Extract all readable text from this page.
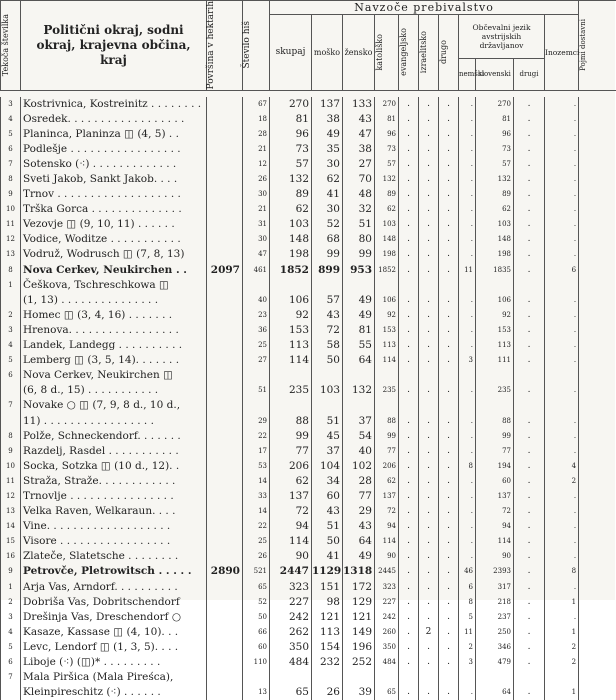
Tekoča številka	Politični okraj, sodni okraj, krajevna občina, kraj	Površina v hektarih	Število hiš	Navzoče prebivalstvo											Pojmi dostavni

				skupaj	moško	žensko	katoliško	evangeljsko	izraelitsko	drugo	Občevalni jezik avstrijskih državljanov			Inozemci	
											nemški	slovenski	drugi		

3	Kostrivnica, Kostreinitz . . . . . . . .		67	270	137	133	270	.	.	.	.	270	.	.	
4	Osredek. . . . . . . . . . . . . . . . . .		18	81	38	43	81	.	.	.	.	81	.	.	
5	Planinca, Planinza ◫ (4, 5) . .		28	96	49	47	96	.	.	.	.	96	.	.	
6	Podlešje . . . . . . . . . . . . . . . . .		21	73	35	38	73	.	.	.	.	73	.	.	
7	Sotensko (⁖) . . . . . . . . . . . . .		12	57	30	27	57	.	.	.	.	57	.	.	
8	Sveti Jakob, Sankt Jakob. . . .		26	132	62	70	132	.	.	.	.	132	.	.	
9	Trnov . . . . . . . . . . . . . . . . . . .		30	89	41	48	89	.	.	.	.	89	.	.	
10	Trška Gorca . . . . . . . . . . . . . .		21	62	30	32	62	.	.	.	.	62	.	.	
11	Vezovje ◫ (9, 10, 11) . . . . . .		31	103	52	51	103	.	.	.	.	103	.	.	
12	Vodice, Woditze . . . . . . . . . . .		30	148	68	80	148	.	.	.	.	148	.	.	
13	Vodruž, Wodrusch ◫ (7, 8, 13)		47	198	99	99	198	.	.	.	.	198	.	.	
8	Nova Cerkev, Neukirchen . .	2097	461	1852	899	953	1852	.	.	.	11	1835	.	6	
1	Češkova, Tschreschkowa ◫														
	(1, 13) . . . . . . . . . . . . . . .		40	106	57	49	106	.	.	.	.	106	.	.	
2	Homec ◫ (3, 4, 16) . . . . . . .		23	92	43	49	92	.	.	.	.	92	.	.	
3	Hrenova. . . . . . . . . . . . . . . . .		36	153	72	81	153	.	.	.	.	153	.	.	
4	Landek, Landegg . . . . . . . . . .		25	113	58	55	113	.	.	.	.	113	.	.	
5	Lemberg ◫ (3, 5, 14). . . . . . .		27	114	50	64	114	.	.	.	3	111	.	.	
6	Nova Cerkev, Neukirchen ◫														
	(6, 8 d., 15) . . . . . . . . . . .		51	235	103	132	235	.	.	.	.	235	.	.	
7	Novake ○ ◫ (7, 9, 8 d., 10 d.,														
	11) . . . . . . . . . . . . . . . . .		29	88	51	37	88	.	.	.	.	88	.	.	
8	Polže, Schneckendorf. . . . . . .		22	99	45	54	99	.	.	.	.	99	.	.	
9	Razdelj, Rasdel . . . . . . . . . . .		17	77	37	40	77	.	.	.	.	77	.	.	
10	Socka, Sotzka ◫ (10 d., 12). .		53	206	104	102	206	.	.	.	8	194	.	4	
11	Straža, Straže. . . . . . . . . . . .		14	62	34	28	62	.	.	.	.	60	.	2	
12	Trnovlje . . . . . . . . . . . . . . . .		33	137	60	77	137	.	.	.	.	137	.	.	
13	Velka Raven, Welkaraun. . . .		14	72	43	29	72	.	.	.	.	72	.	.	
14	Vine. . . . . . . . . . . . . . . . . . .		22	94	51	43	94	.	.	.	.	94	.	.	
15	Visore . . . . . . . . . . . . . . . . .		25	114	50	64	114	.	.	.	.	114	.	.	
16	Zlateče, Slatetsche . . . . . . . .		26	90	41	49	90	.	.	.	.	90	.	.	
9	Petrovče, Pletrowitsch . . . . .	2890	521	2447	1129	1318	2445	.	.	.	46	2393	.	8	
1	Arja Vas, Arndorf. . . . . . . . . .		65	323	151	172	323	.	.	.	6	317	.	.	
2	Dobriša Vas, Dobritschendorf		52	227	98	129	227	.	.	.	8	218	.	1	
3	Drešinja Vas, Dreschendorf ○		50	242	121	121	242	.	.	.	5	237	.	.	
4	Kasaze, Kassase ◫ (4, 10). . .		66	262	113	149	260	.	2	.	11	250	.	1	
5	Levc, Lendorf ◫ (1, 3, 5). . . .		60	350	154	196	350	.	.	.	2	346	.	2	
6	Liboje (⁖) (◫)* . . . . . . . . .		110	484	232	252	484	.	.	.	3	479	.	2	
7	Mala Piršica (Mala Pireśca),														
	Kleinpireschitz (⁖) . . . . . .		13	65	26	39	65	.	.	.	.	64	.	1	
